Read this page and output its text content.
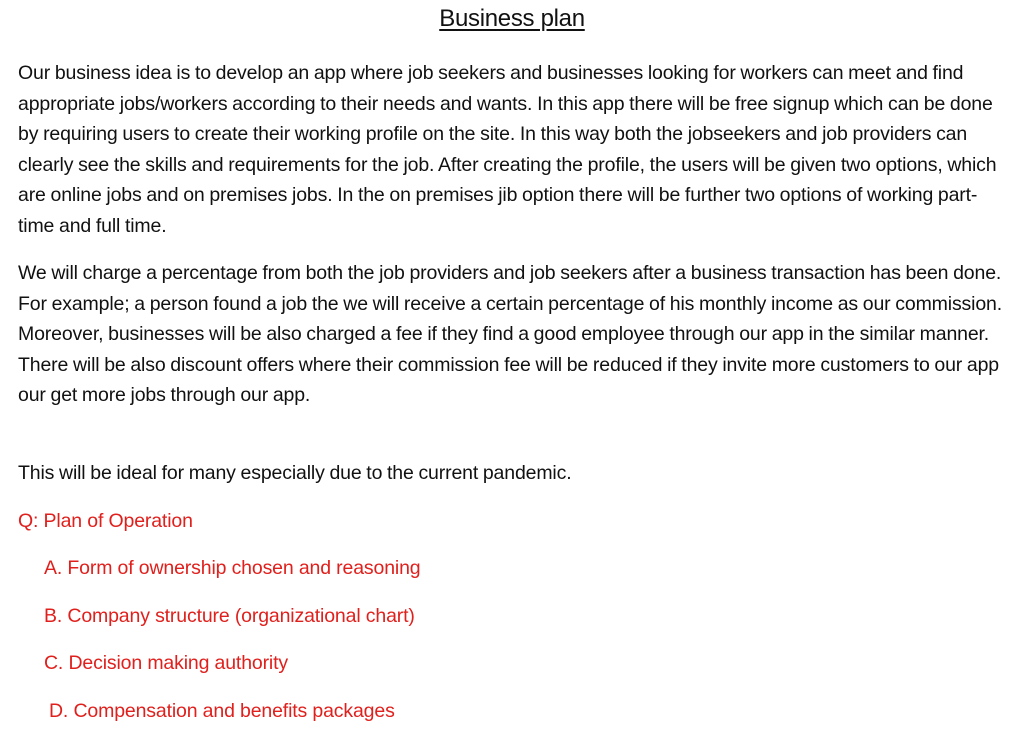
Business plan

Our business idea is to develop an app where job seekers and businesses looking for workers can meet and find appropriate jobs/workers according to their needs and wants. In this app there will be free signup which can be done by requiring users to create their working profile on the site. In this way both the jobseekers and job providers can clearly see the skills and requirements for the job. After creating the profile, the users will be given two options, which are online jobs and on premises jobs. In the on premises jib option there will be further two options of working part-time and full time.

We will charge a percentage from both the job providers and job seekers after a business transaction has been done. For example; a person found a job the we will receive a certain percentage of his monthly income as our commission. Moreover, businesses will be also charged a fee if they find a good employee through our app in the similar manner. There will be also discount offers where their commission fee will be reduced if they invite more customers to our app our get more jobs through our app.

This will be ideal for many especially due to the current pandemic.

Q: Plan of Operation

A. Form of ownership chosen and reasoning

B. Company structure (organizational chart)

C. Decision making authority

D. Compensation and benefits packages
